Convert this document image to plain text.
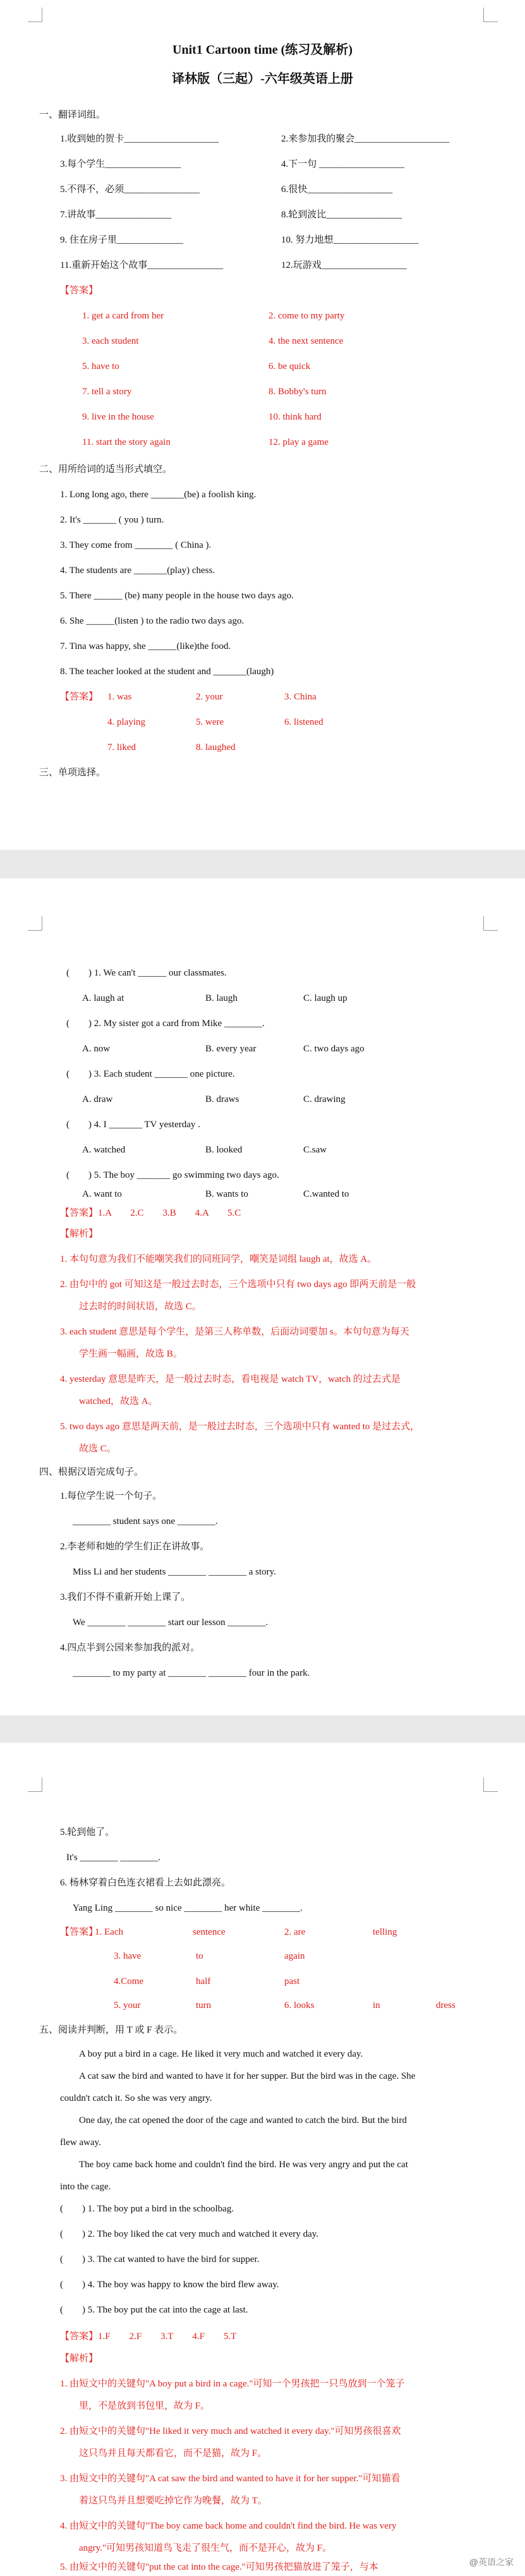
Unit1 Cartoon time (练习及解析)
译林版（三起）-六年级英语上册
一、翻译词组。
1.收到她的贺卡____________________	2.来参加我的聚会____________________
3.每个学生________________	4.下一句 __________________
5.不得不，必须________________	6.很快__________________
7.讲故事________________	8.轮到波比________________
9. 住在房子里______________	10. 努力地想__________________
11.重新开始这个故事________________	12.玩游戏__________________
【答案】
1. get a card from her	2. come to my party
3. each student	4. the next sentence
5. have to	6. be quick
7. tell a story	8. Bobby's turn
9. live in the house	10. think hard
11. start the story again	12. play a game
二、用所给词的适当形式填空。
1. Long long ago, there _______(be) a foolish king.
2. It's _______ ( you ) turn.
3. They come from ________ ( China ).
4. The students are _______(play) chess.
5. There ______ (be) many people in the house two days ago.
6. She ______(listen ) to the radio two days ago.
7. Tina was happy, she ______(like)the food.
8. The teacher looked at the student and _______(laugh)
【答案】 1. was	2. your	3. China
4. playing	5. were	6. listened
7. liked	8. laughed
三、单项选择。
(　　) 1. We can't ______ our classmates.
A. laugh at	B. laugh	C. laugh up
(　　) 2. My sister got a card from Mike ________.
A. now	B. every year	C. two days ago
(　　) 3. Each student _______ one picture.
A. draw	B. draws	C. drawing
(　　) 4. I _______ TV yesterday .
A. watched	B. looked	C.saw
(　　) 5. The boy _______ go swimming two days ago.
A. want to	B. wants to	C.wanted to
【答案】1.A　　2.C　　3.B　　4.A　　5.C
【解析】
1. 本句句意为我们不能嘲笑我们的同班同学，嘲笑是词组 laugh at，故选 A。
2. 由句中的 got 可知这是一般过去时态，三个选项中只有 two days ago 即两天前是一般
过去时的时间状语，故选 C。
3. each student 意思是每个学生，是第三人称单数，后面动词要加 s。本句句意为每天
学生画一幅画，故选 B。
4. yesterday 意思是昨天，是一般过去时态，看电视是 watch TV，watch 的过去式是
watched，故选 A。
5. two days ago 意思是两天前，是一般过去时态，三个选项中只有 wanted to 是过去式，
故选 C。
四、根据汉语完成句子。
1.每位学生说一个句子。
________ student says one ________.
2.李老师和她的学生们正在讲故事。
Miss Li and her students ________ ________ a story.
3.我们不得不重新开始上课了。
We ________ ________ start our lesson ________.
4.四点半到公园来参加我的派对。
________ to my party at ________ ________ four in the park.
5.轮到他了。
It's ________ ________.
6. 杨林穿着白色连衣裙看上去如此漂亮。
Yang Ling ________ so nice ________ her white ________.
【答案】
1. Each	sentence	2. are	telling
3. have	to	again
4.Come	half	past
5. your	turn	6. looks	in	dress
五、阅读并判断，用 T 或 F 表示。
A boy put a bird in a cage. He liked it very much and watched it every day.
A cat saw the bird and wanted to have it for her supper. But the bird was in the cage. She
couldn't catch it. So she was very angry.
One day, the cat opened the door of the cage and wanted to catch the bird. But the bird
flew away.
The boy came back home and couldn't find the bird. He was very angry and put the cat
into the cage.
(　　) 1. The boy put a bird in the schoolbag.
(　　) 2. The boy liked the cat very much and watched it every day.
(　　) 3. The cat wanted to have the bird for supper.
(　　) 4. The boy was happy to know the bird flew away.
(　　) 5. The boy put the cat into the cage at last.
【答案】1.F　　2.F　　3.T　　4.F　　5.T
【解析】
1. 由短文中的关键句"A boy put a bird in a cage."可知一个男孩把一只鸟放到一个笼子
里，不是放到书包里，故为 F。
2. 由短文中的关键句"He liked it very much and watched it every day."可知男孩很喜欢
这只鸟并且每天都看它，而不是猫，故为 F。
3. 由短文中的关键句"A cat saw the bird and wanted to have it for her supper."可知猫看
着这只鸟并且想要吃掉它作为晚餐，故为 T。
4. 由短文中的关键句"The boy came back home and couldn't find the bird. He was very
angry."可知男孩知道鸟飞走了很生气，而不是开心，故为 F。
5. 由短文中的关键句"put the cat into the cage."可知男孩把猫放进了笼子，与本	@英语之家
